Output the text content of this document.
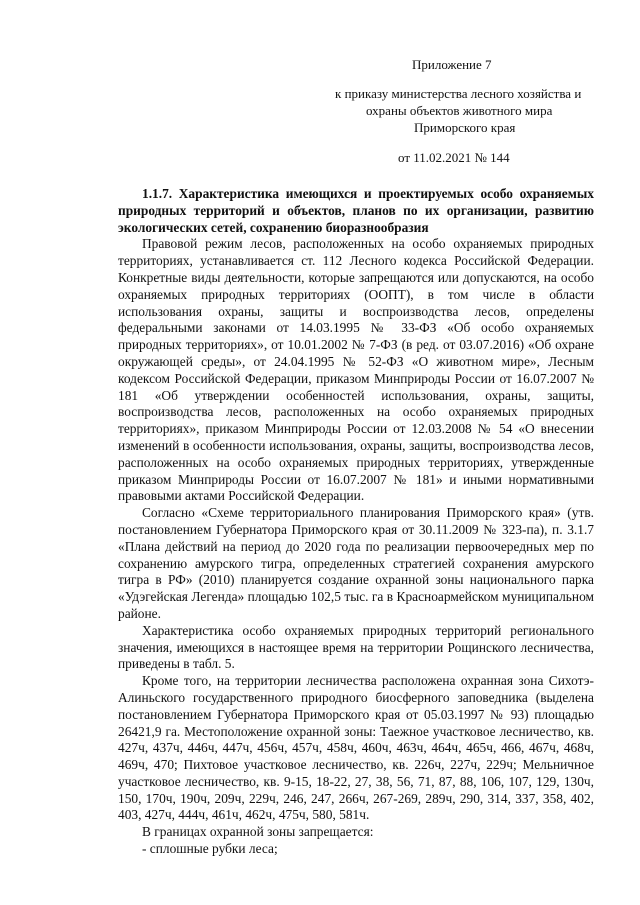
Приложение 7
к приказу министерства лесного хозяйства и
охраны объектов животного мира
Приморского края
от 11.02.2021 № 144

1.1.7. Характеристика имеющихся и проектируемых особо охраняемых природных территорий и объектов, планов по их организации, развитию экологических сетей, сохранению биоразнообразия

Правовой режим лесов, расположенных на особо охраняемых природных территориях, устанавливается ст. 112 Лесного кодекса Российской Федерации. Конкретные виды деятельности, которые запрещаются или допускаются, на особо охраняемых природных территориях (ООПТ), в том числе в области использования охраны, защиты и воспроизводства лесов, определены федеральными законами от 14.03.1995 № 33-ФЗ «Об особо охраняемых природных территориях», от 10.01.2002 № 7-ФЗ (в ред. от 03.07.2016) «Об охране окружающей среды», от 24.04.1995 № 52-ФЗ «О животном мире», Лесным кодексом Российской Федерации, приказом Минприроды России от 16.07.2007 № 181 «Об утверждении особенностей использования, охраны, защиты, воспроизводства лесов, расположенных на особо охраняемых природных территориях», приказом Минприроды России от 12.03.2008 № 54 «О внесении изменений в особенности использования, охраны, защиты, воспроизводства лесов, расположенных на особо охраняемых природных территориях, утвержденные приказом Минприроды России от 16.07.2007 № 181» и иными нормативными правовыми актами Российской Федерации.

Согласно «Схеме территориального планирования Приморского края» (утв. постановлением Губернатора Приморского края от 30.11.2009 № 323-па), п. 3.1.7 «Плана действий на период до 2020 года по реализации первоочередных мер по сохранению амурского тигра, определенных стратегией сохранения амурского тигра в РФ» (2010) планируется создание охранной зоны национального парка «Удэгейская Легенда» площадью 102,5 тыс. га в Красноармейском муниципальном районе.

Характеристика особо охраняемых природных территорий регионального значения, имеющихся в настоящее время на территории Рощинского лесничества, приведены в табл. 5.

Кроме того, на территории лесничества расположена охранная зона Сихотэ-Алиньского государственного природного биосферного заповедника (выделена постановлением Губернатора Приморского края от 05.03.1997 № 93) площадью 26421,9 га. Местоположение охранной зоны: Таежное участковое лесничество, кв. 427ч, 437ч, 446ч, 447ч, 456ч, 457ч, 458ч, 460ч, 463ч, 464ч, 465ч, 466, 467ч, 468ч, 469ч, 470; Пихтовое участковое лесничество, кв. 226ч, 227ч, 229ч; Мельничное участковое лесничество, кв. 9-15, 18-22, 27, 38, 56, 71, 87, 88, 106, 107, 129, 130ч, 150, 170ч, 190ч, 209ч, 229ч, 246, 247, 266ч, 267-269, 289ч, 290, 314, 337, 358, 402, 403, 427ч, 444ч, 461ч, 462ч, 475ч, 580, 581ч.

В границах охранной зоны запрещается:

- сплошные рубки леса;
